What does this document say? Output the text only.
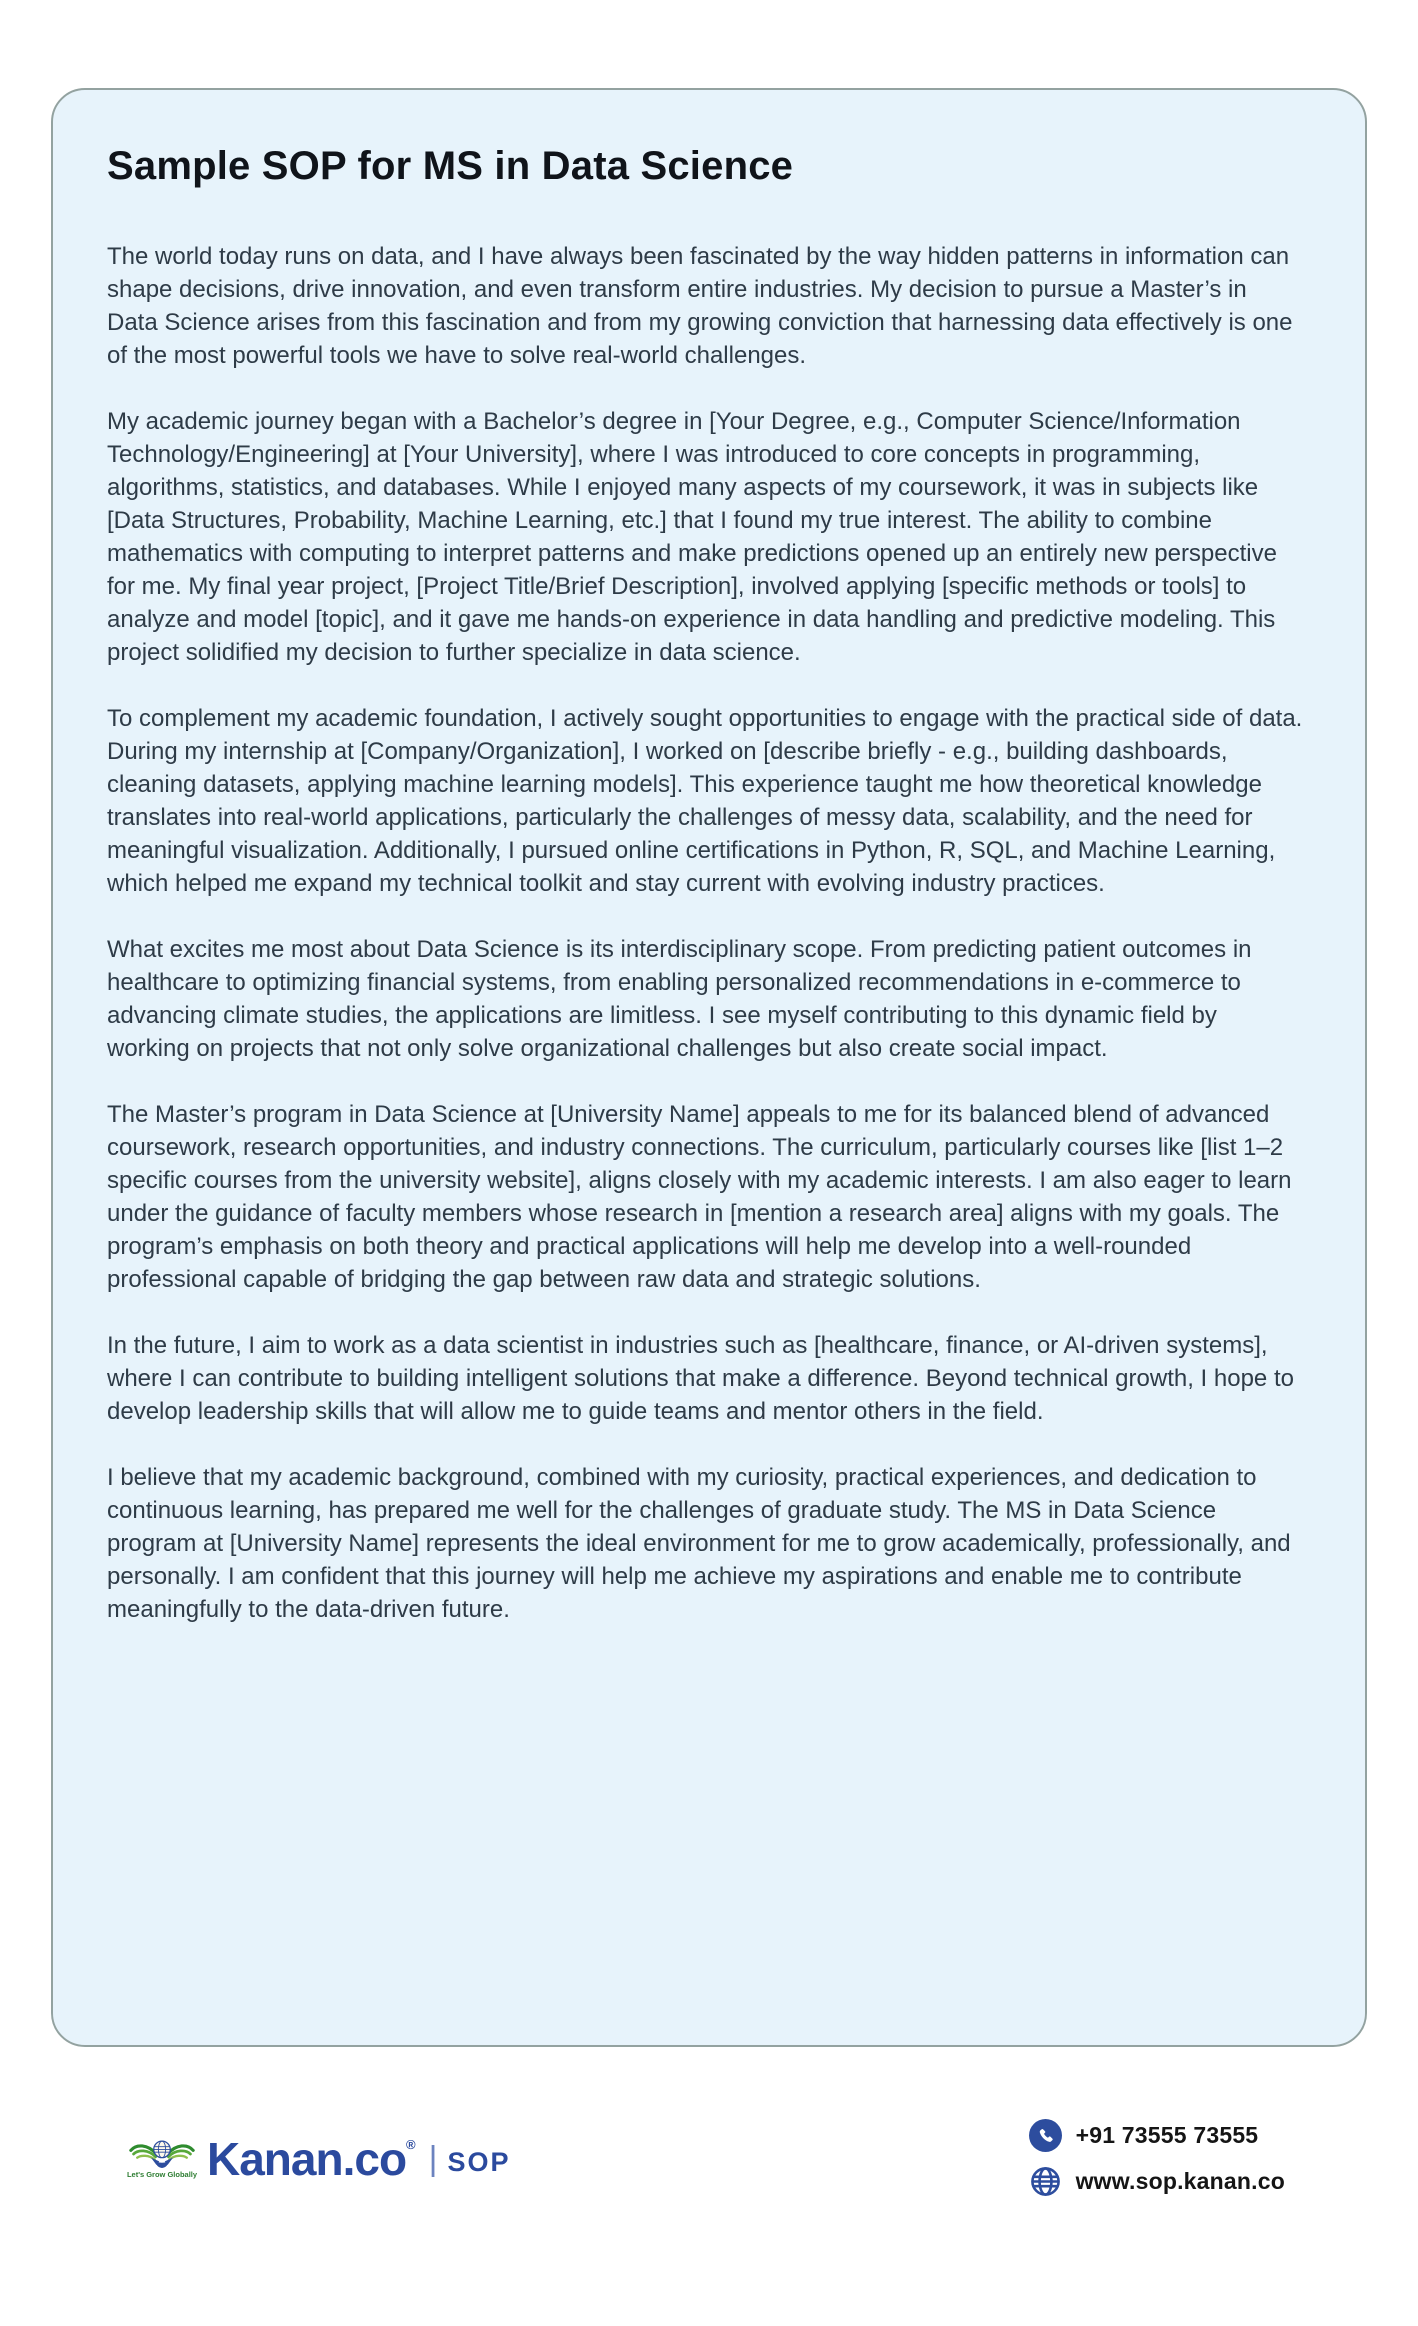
Sample SOP for MS in Data Science

The world today runs on data, and I have always been fascinated by the way hidden patterns in information can shape decisions, drive innovation, and even transform entire industries. My decision to pursue a Master’s in Data Science arises from this fascination and from my growing conviction that harnessing data effectively is one of the most powerful tools we have to solve real-world challenges.

My academic journey began with a Bachelor’s degree in [Your Degree, e.g., Computer Science/Information Technology/Engineering] at [Your University], where I was introduced to core concepts in programming, algorithms, statistics, and databases. While I enjoyed many aspects of my coursework, it was in subjects like [Data Structures, Probability, Machine Learning, etc.] that I found my true interest. The ability to combine mathematics with computing to interpret patterns and make predictions opened up an entirely new perspective for me. My final year project, [Project Title/Brief Description], involved applying [specific methods or tools] to analyze and model [topic], and it gave me hands-on experience in data handling and predictive modeling. This project solidified my decision to further specialize in data science.

To complement my academic foundation, I actively sought opportunities to engage with the practical side of data. During my internship at [Company/Organization], I worked on [describe briefly - e.g., building dashboards, cleaning datasets, applying machine learning models]. This experience taught me how theoretical knowledge translates into real-world applications, particularly the challenges of messy data, scalability, and the need for meaningful visualization. Additionally, I pursued online certifications in Python, R, SQL, and Machine Learning, which helped me expand my technical toolkit and stay current with evolving industry practices.

What excites me most about Data Science is its interdisciplinary scope. From predicting patient outcomes in healthcare to optimizing financial systems, from enabling personalized recommendations in e-commerce to advancing climate studies, the applications are limitless. I see myself contributing to this dynamic field by working on projects that not only solve organizational challenges but also create social impact.

The Master’s program in Data Science at [University Name] appeals to me for its balanced blend of advanced coursework, research opportunities, and industry connections. The curriculum, particularly courses like [list 1–2 specific courses from the university website], aligns closely with my academic interests. I am also eager to learn under the guidance of faculty members whose research in [mention a research area] aligns with my goals. The program’s emphasis on both theory and practical applications will help me develop into a well-rounded professional capable of bridging the gap between raw data and strategic solutions.

In the future, I aim to work as a data scientist in industries such as [healthcare, finance, or AI-driven systems], where I can contribute to building intelligent solutions that make a difference. Beyond technical growth, I hope to develop leadership skills that will allow me to guide teams and mentor others in the field.

I believe that my academic background, combined with my curiosity, practical experiences, and dedication to continuous learning, has prepared me well for the challenges of graduate study. The MS in Data Science program at [University Name] represents the ideal environment for me to grow academically, professionally, and personally. I am confident that this journey will help me achieve my aspirations and enable me to contribute meaningfully to the data-driven future.

Let's Grow Globally Kanan.co® | SOP
+91 73555 73555
www.sop.kanan.co
